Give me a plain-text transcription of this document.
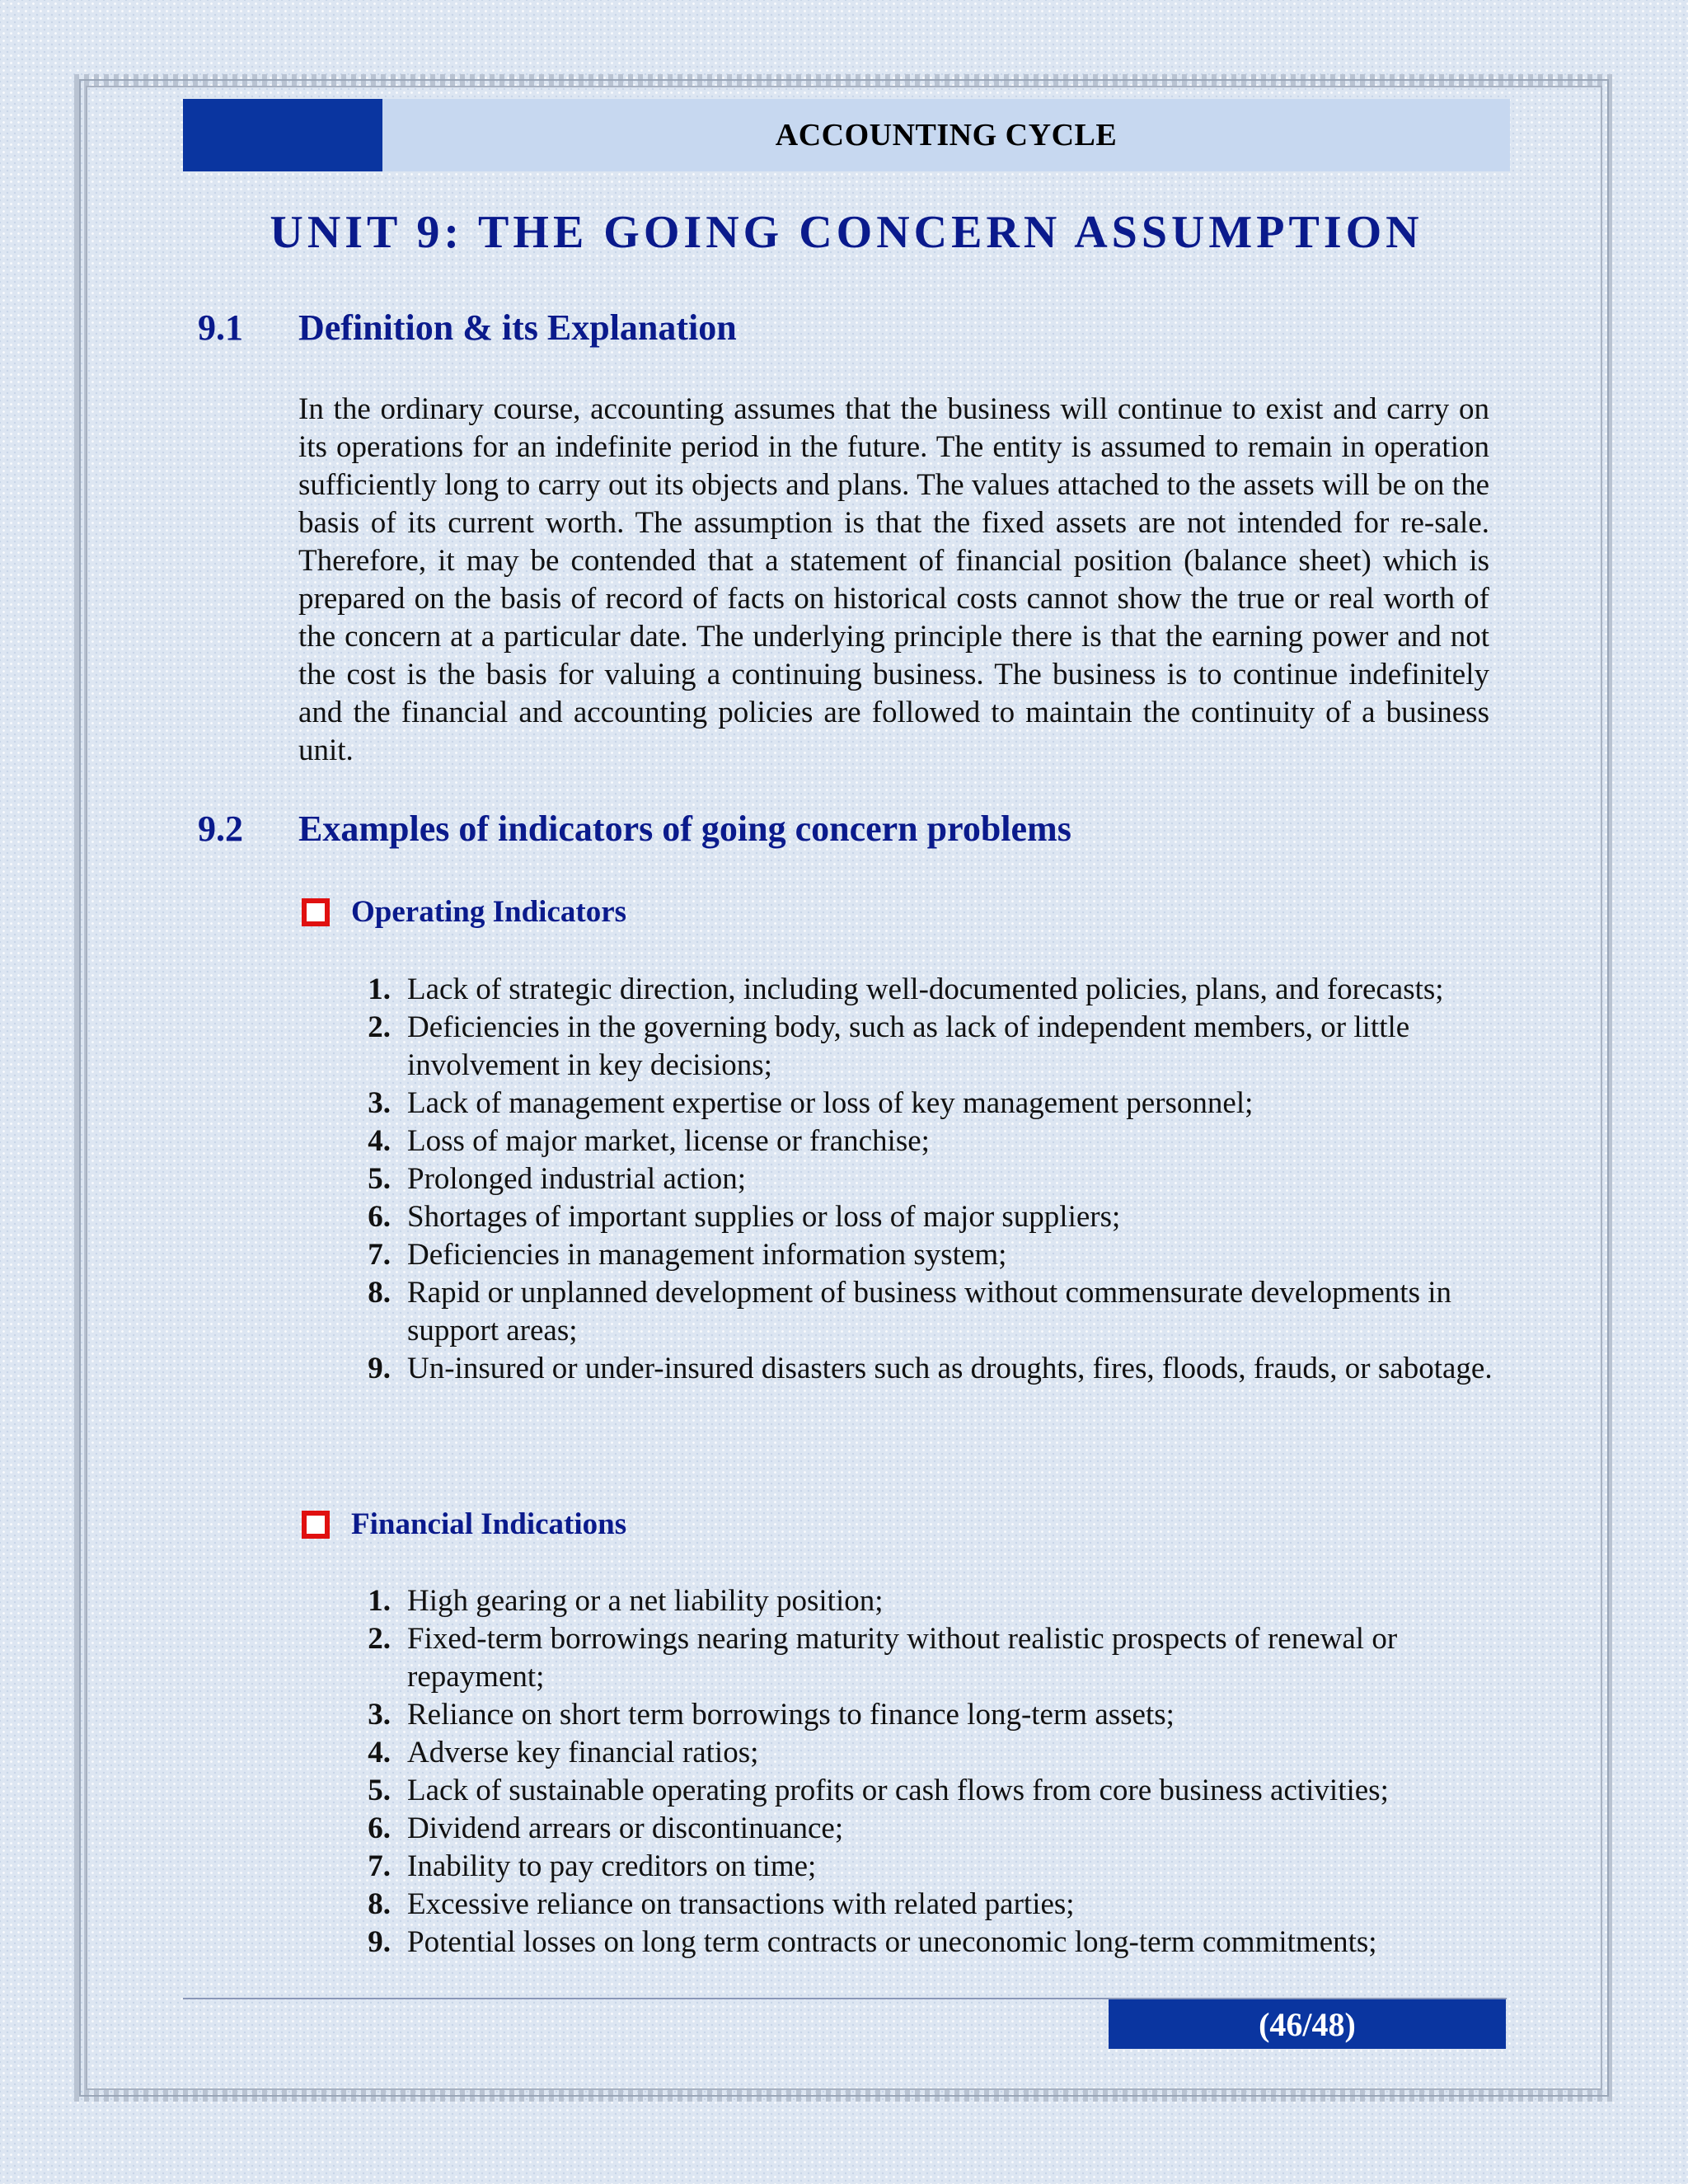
ACCOUNTING CYCLE
UNIT 9: THE GOING CONCERN ASSUMPTION
9.1	Definition & its Explanation

In the ordinary course, accounting assumes that the business will continue to exist and carry on its operations for an indefinite period in the future. The entity is assumed to remain in operation sufficiently long to carry out its objects and plans. The values attached to the assets will be on the basis of its current worth. The assumption is that the fixed assets are not intended for re-sale. Therefore, it may be contended that a statement of financial position (balance sheet) which is prepared on the basis of record of facts on historical costs cannot show the true or real worth of the concern at a particular date. The underlying principle there is that the earning power and not the cost is the basis for valuing a continuing business. The business is to continue indefinitely and the financial and accounting policies are followed to maintain the continuity of a business unit.

9.2	Examples of indicators of going concern problems
Operating Indicators
1. Lack of strategic direction, including well-documented policies, plans, and forecasts;
2. Deficiencies in the governing body, such as lack of independent members, or little involvement in key decisions;
3. Lack of management expertise or loss of key management personnel;
4. Loss of major market, license or franchise;
5. Prolonged industrial action;
6. Shortages of important supplies or loss of major suppliers;
7. Deficiencies in management information system;
8. Rapid or unplanned development of business without commensurate developments in support areas;
9. Un-insured or under-insured disasters such as droughts, fires, floods, frauds, or sabotage.
Financial Indications
1. High gearing or a net liability position;
2. Fixed-term borrowings nearing maturity without realistic prospects of renewal or repayment;
3. Reliance on short term borrowings to finance long-term assets;
4. Adverse key financial ratios;
5. Lack of sustainable operating profits or cash flows from core business activities;
6. Dividend arrears or discontinuance;
7. Inability to pay creditors on time;
8. Excessive reliance on transactions with related parties;
9. Potential losses on long term contracts or uneconomic long-term commitments;
(46/48)
